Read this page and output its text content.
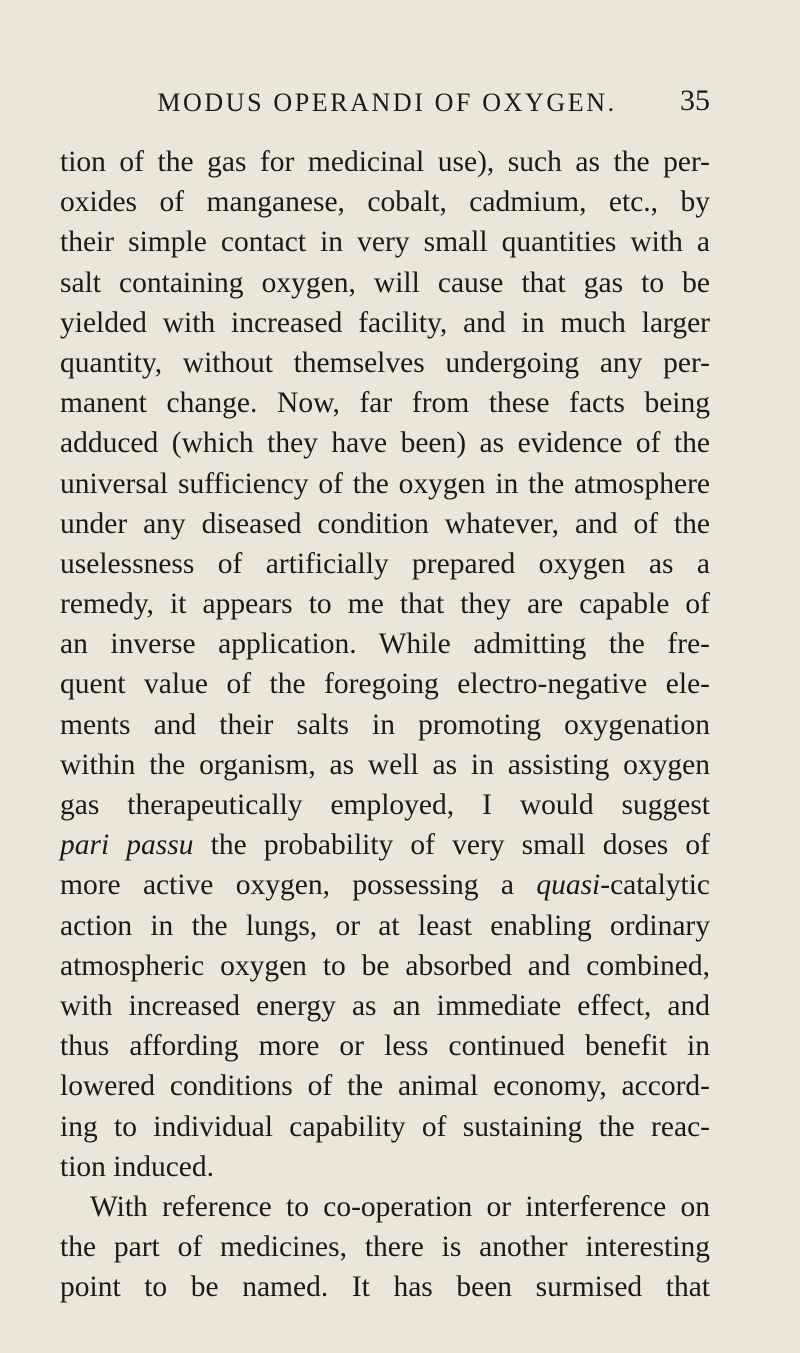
MODUS OPERANDI OF OXYGEN.	35
tion of the gas for medicinal use), such as the per-
oxides of manganese, cobalt, cadmium, etc., by
their simple contact in very small quantities with a
salt containing oxygen, will cause that gas to be
yielded with increased facility, and in much larger
quantity, without themselves undergoing any per-
manent change. Now, far from these facts being
adduced (which they have been) as evidence of the
universal sufficiency of the oxygen in the atmosphere
under any diseased condition whatever, and of the
uselessness of artificially prepared oxygen as a
remedy, it appears to me that they are capable of
an inverse application. While admitting the fre-
quent value of the foregoing electro-negative ele-
ments and their salts in promoting oxygenation
within the organism, as well as in assisting oxygen
gas therapeutically employed, I would suggest
pari passu the probability of very small doses of
more active oxygen, possessing a quasi-catalytic
action in the lungs, or at least enabling ordinary
atmospheric oxygen to be absorbed and combined,
with increased energy as an immediate effect, and
thus affording more or less continued benefit in
lowered conditions of the animal economy, accord-
ing to individual capability of sustaining the reac-
tion induced.
With reference to co-operation or interference on
the part of medicines, there is another interesting
point to be named. It has been surmised that
